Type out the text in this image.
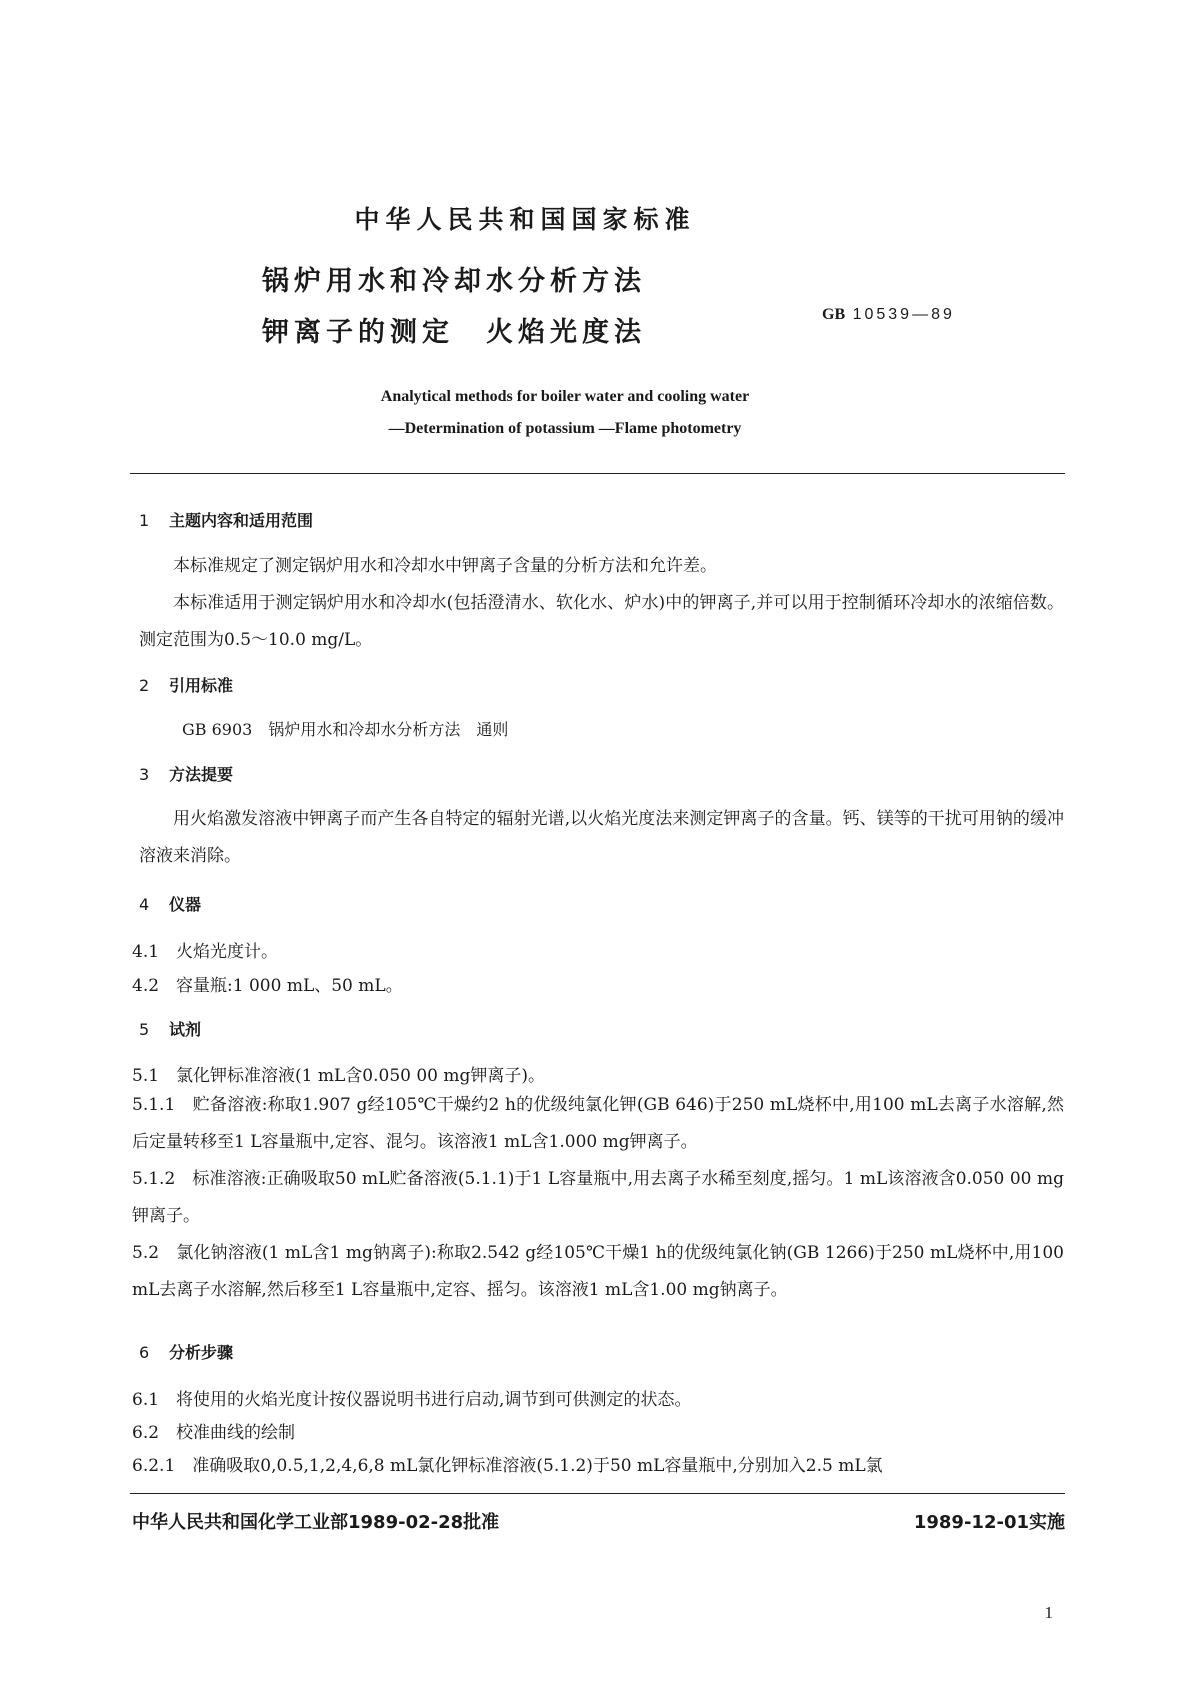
中华人民共和国国家标准
锅炉用水和冷却水分析方法
钾离子的测定　火焰光度法
GB 10539—89
Analytical methods for boiler water and cooling water
—Determination of potassium —Flame photometry
1 主题内容和适用范围
本标准规定了测定锅炉用水和冷却水中钾离子含量的分析方法和允许差。
本标准适用于测定锅炉用水和冷却水(包括澄清水、软化水、炉水)中的钾离子,并可以用于控制循环冷却水的浓缩倍数。测定范围为0.5～10.0 mg/L。
2 引用标准
GB 6903　锅炉用水和冷却水分析方法　通则
3 方法提要
用火焰激发溶液中钾离子而产生各自特定的辐射光谱,以火焰光度法来测定钾离子的含量。钙、镁等的干扰可用钠的缓冲溶液来消除。
4 仪器
4.1　火焰光度计。
4.2　容量瓶:1 000 mL、50 mL。
5 试剂
5.1　氯化钾标准溶液(1 mL含0.050 00 mg钾离子)。
5.1.1　贮备溶液:称取1.907 g经105℃干燥约2 h的优级纯氯化钾(GB 646)于250 mL烧杯中,用100 mL去离子水溶解,然后定量转移至1 L容量瓶中,定容、混匀。该溶液1 mL含1.000 mg钾离子。
5.1.2　标准溶液:正确吸取50 mL贮备溶液(5.1.1)于1 L容量瓶中,用去离子水稀至刻度,摇匀。1 mL该溶液含0.050 00 mg钾离子。
5.2　氯化钠溶液(1 mL含1 mg钠离子):称取2.542 g经105℃干燥1 h的优级纯氯化钠(GB 1266)于250 mL烧杯中,用100 mL去离子水溶解,然后移至1 L容量瓶中,定容、摇匀。该溶液1 mL含1.00 mg钠离子。
6 分析步骤
6.1　将使用的火焰光度计按仪器说明书进行启动,调节到可供测定的状态。
6.2　校准曲线的绘制
6.2.1　准确吸取0,0.5,1,2,4,6,8 mL氯化钾标准溶液(5.1.2)于50 mL容量瓶中,分别加入2.5 mL氯
中华人民共和国化学工业部1989-02-28批准	1989-12-01实施
1
